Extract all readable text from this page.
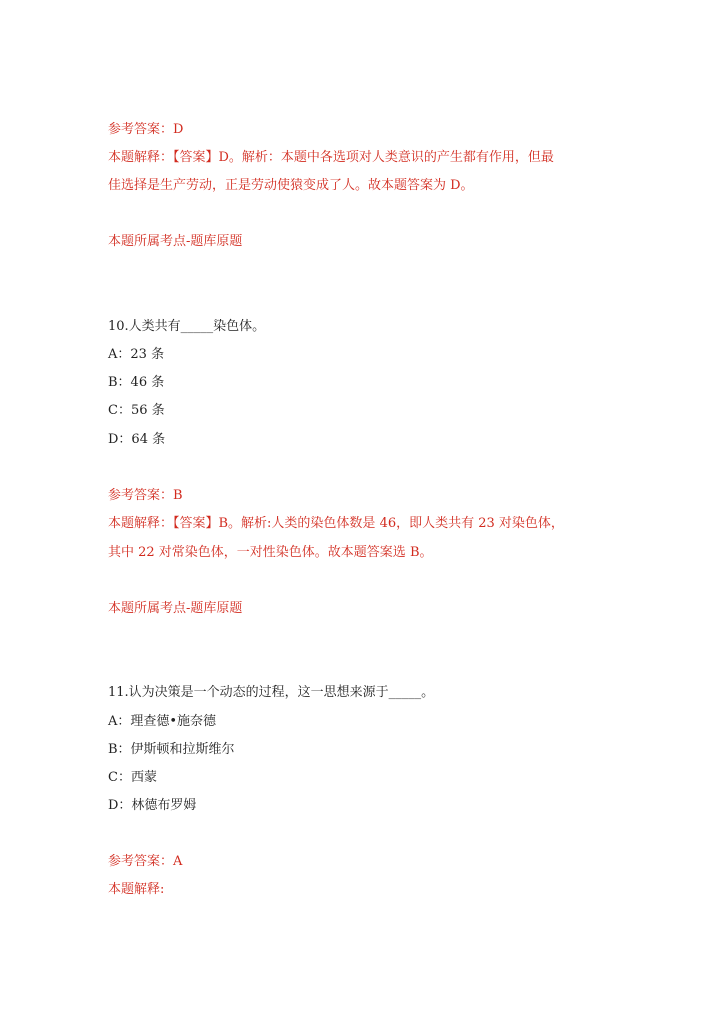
参考答案：D
本题解释：【答案】D。解析：本题中各选项对人类意识的产生都有作用，但最
佳选择是生产劳动，正是劳动使猿变成了人。故本题答案为 D。
本题所属考点-题库原题
10.人类共有_____染色体。
A：23 条
B：46 条
C：56 条
D：64 条
参考答案：B
本题解释：【答案】B。解析:人类的染色体数是 46，即人类共有 23 对染色体，
其中 22 对常染色体，一对性染色体。故本题答案选 B。
本题所属考点-题库原题
11.认为决策是一个动态的过程，这一思想来源于_____。
A：理查德•施奈德
B：伊斯顿和拉斯维尔
C：西蒙
D：林德布罗姆
参考答案：A
本题解释:
